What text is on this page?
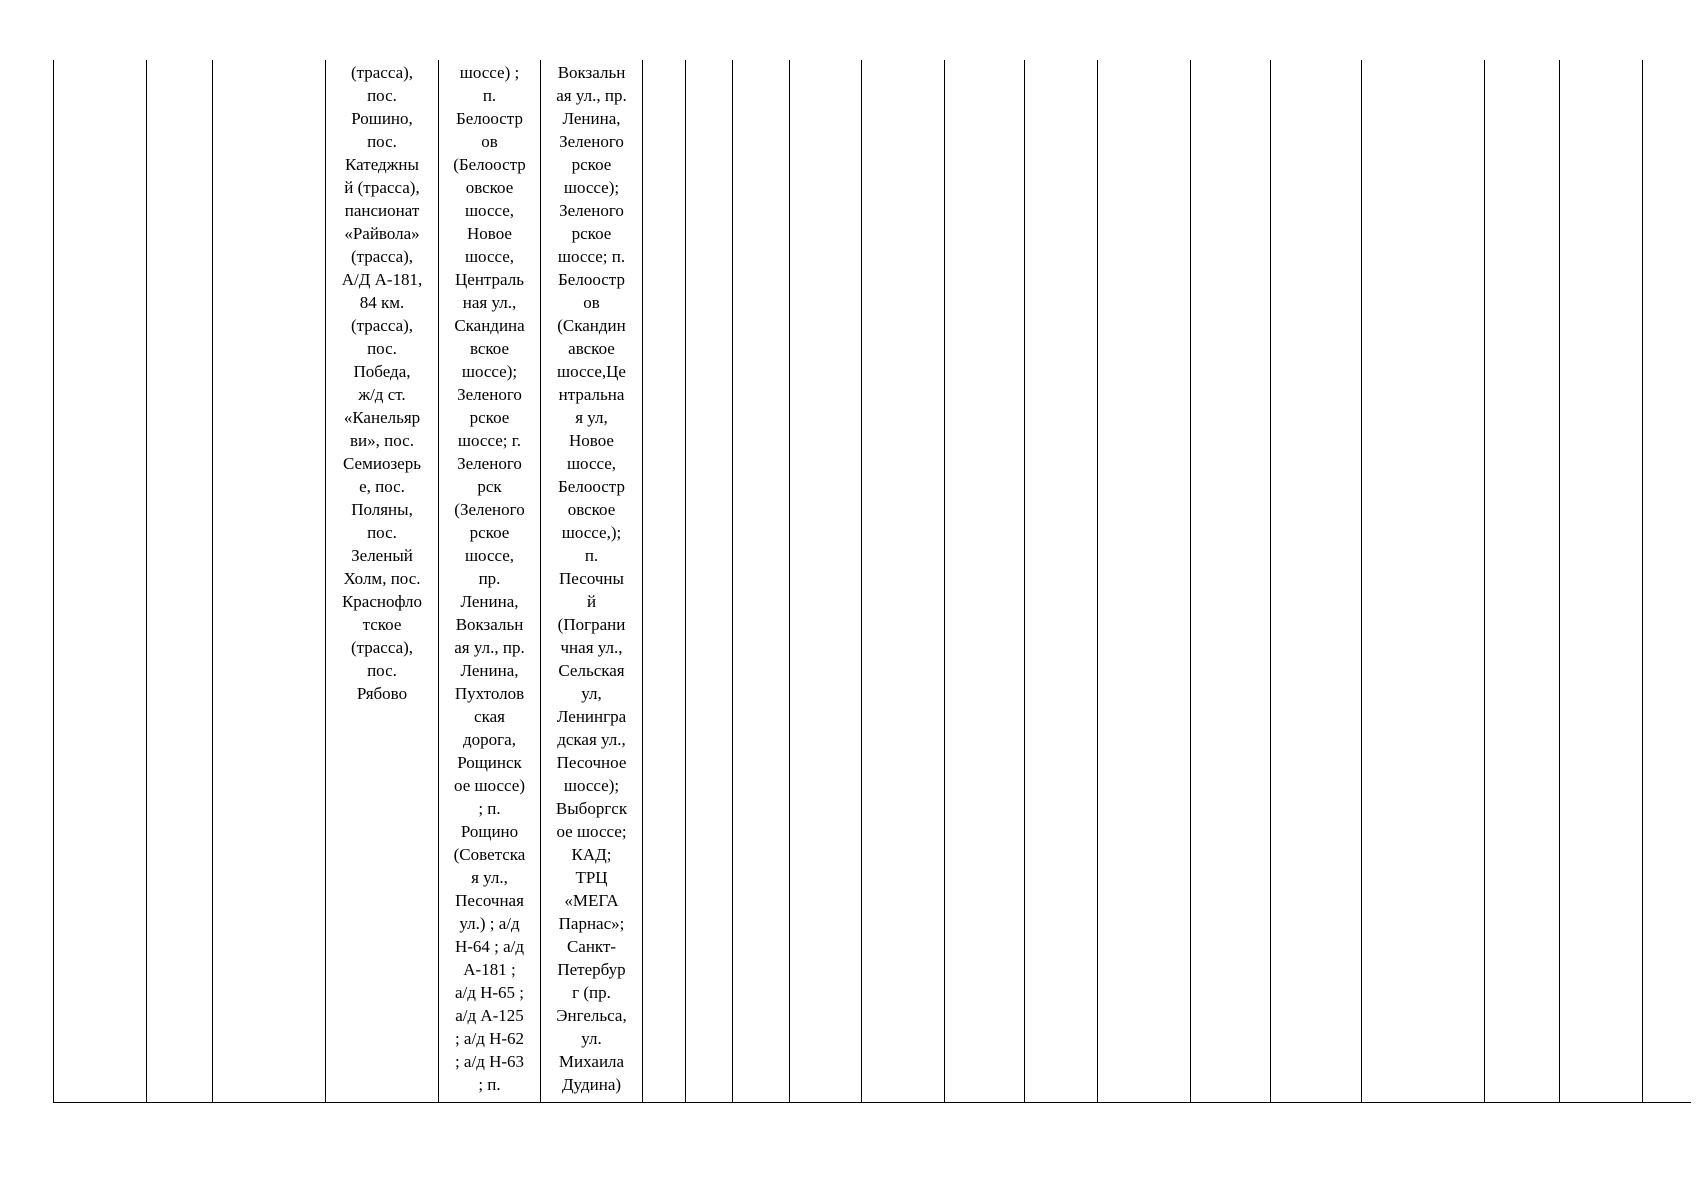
(трасса),
пос.
Рошино,
пос.
Катеджны
й (трасса),
пансионат
«Райвола»
(трасса),
А/Д А-181,
84 км.
(трасса),
пос.
Победа,
ж/д ст.
«Канельяр
ви», пос.
Семиозерь
е, пос.
Поляны,
пос.
Зеленый
Холм, пос.
Краснофло
тское
(трасса),
пос.
Рябово

шоссе) ;
п.
Белоостр
ов
(Белоостр
овское
шоссе,
Новое
шоссе,
Централь
ная ул.,
Скандина
вское
шоссе);
Зеленого
рское
шоссе; г.
Зеленого
рск
(Зеленого
рское
шоссе,
пр.
Ленина,
Вокзальн
ая ул., пр.
Ленина,
Пухтолов
ская
дорога,
Рощинск
ое шоссе)
; п.
Рощино
(Советска
я ул.,
Песочная
ул.) ; а/д
Н-64 ; а/д
А-181 ;
а/д Н-65 ;
а/д А-125
; а/д Н-62
; а/д Н-63
; п.

Вокзальн
ая ул., пр.
Ленина,
Зеленого
рское
шоссе);
Зеленого
рское
шоссе; п.
Белоостр
ов
(Скандин
авское
шоссе,Це
нтральна
я ул,
Новое
шоссе,
Белоостр
овское
шоссе,);
п.
Песочны
й
(Пограни
чная ул.,
Сельская
ул,
Ленингра
дская ул.,
Песочное
шоссе);
Выборгск
ое шоссе;
КАД;
ТРЦ
«МЕГА
Парнас»;
Санкт-
Петербур
г (пр.
Энгельса,
ул.
Михаила
Дудина)
